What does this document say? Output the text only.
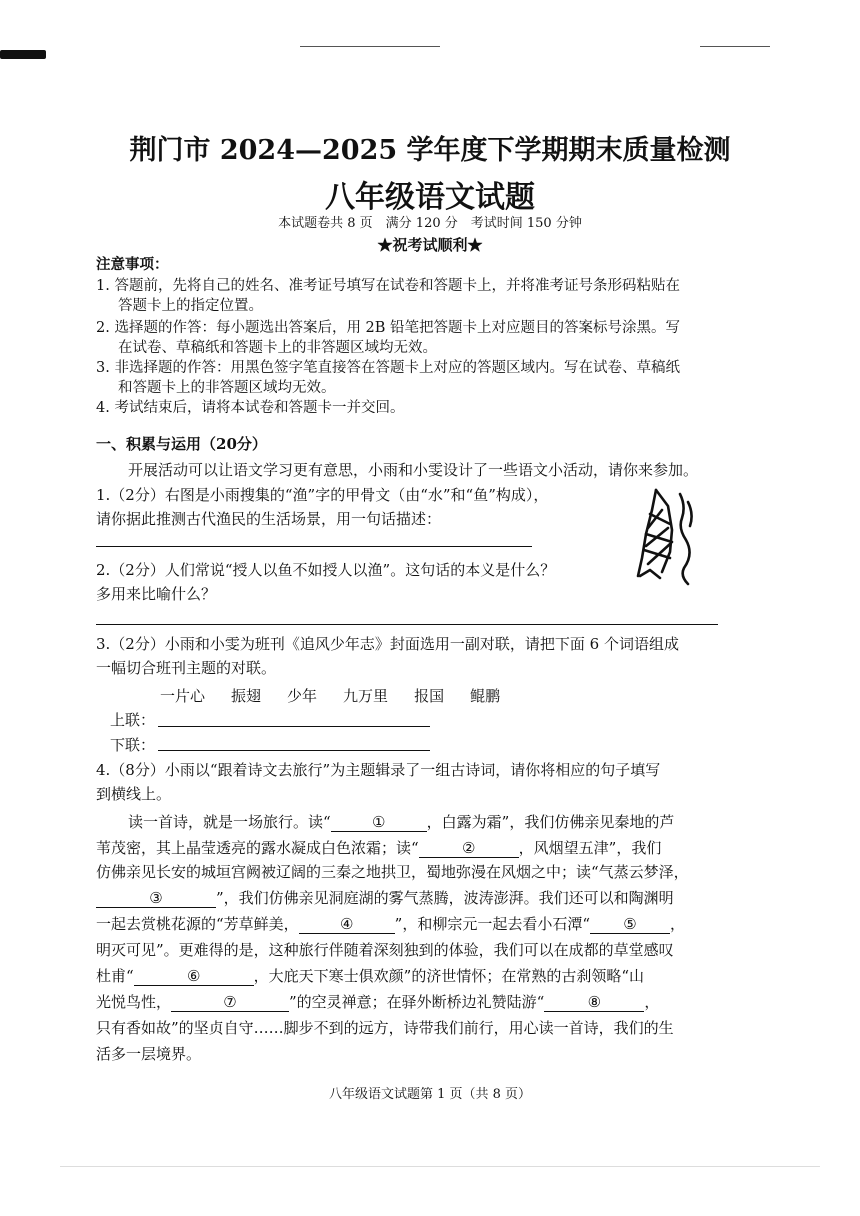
荆门市 2024—2025 学年度下学期期末质量检测
八年级语文试题
本试题卷共 8 页　满分 120 分　考试时间 150 分钟
★祝考试顺利★
注意事项：
1. 答题前，先将自己的姓名、准考证号填写在试卷和答题卡上，并将准考证号条形码粘贴在
答题卡上的指定位置。
2. 选择题的作答：每小题选出答案后，用 2B 铅笔把答题卡上对应题目的答案标号涂黑。写
在试卷、草稿纸和答题卡上的非答题区域均无效。
3. 非选择题的作答：用黑色签字笔直接答在答题卡上对应的答题区域内。写在试卷、草稿纸
和答题卡上的非答题区域均无效。
4. 考试结束后，请将本试卷和答题卡一并交回。
一、积累与运用（20分）
开展活动可以让语文学习更有意思，小雨和小雯设计了一些语文小活动，请你来参加。
1.（2分）右图是小雨搜集的“渔”字的甲骨文（由“水”和“鱼”构成），
请你据此推测古代渔民的生活场景，用一句话描述：
2.（2分）人们常说“授人以鱼不如授人以渔”。这句话的本义是什么？
多用来比喻什么？
3.（2分）小雨和小雯为班刊《追风少年志》封面选用一副对联，请把下面 6 个词语组成
一幅切合班刊主题的对联。
一片心 振翅 少年 九万里 报国 鲲鹏
上联：
下联：
4.（8分）小雨以“跟着诗文去旅行”为主题辑录了一组古诗词，请你将相应的句子填写
到横线上。
读一首诗，就是一场旅行。读“	①	，白露为霜”，我们仿佛亲见秦地的芦
苇茂密，其上晶莹透亮的露水凝成白色浓霜；读“	②	，风烟望五津”，我们
仿佛亲见长安的城垣宫阙被辽阔的三秦之地拱卫，蜀地弥漫在风烟之中；读“气蒸云梦泽，
③	”，我们仿佛亲见洞庭湖的雾气蒸腾，波涛澎湃。我们还可以和陶渊明
一起去赏桃花源的“芳草鲜美，	④	”，和柳宗元一起去看小石潭“ ⑤ ，
明灭可见”。更难得的是，这种旅行伴随着深刻独到的体验，我们可以在成都的草堂感叹
杜甫“	⑥	，大庇天下寒士俱欢颜”的济世情怀；在常熟的古刹领略“山
光悦鸟性，	⑦	”的空灵禅意；在驿外断桥边礼赞陆游“	⑧	，
只有香如故”的坚贞自守……脚步不到的远方，诗带我们前行，用心读一首诗，我们的生
活多一层境界。
八年级语文试题第 1 页（共 8 页）
